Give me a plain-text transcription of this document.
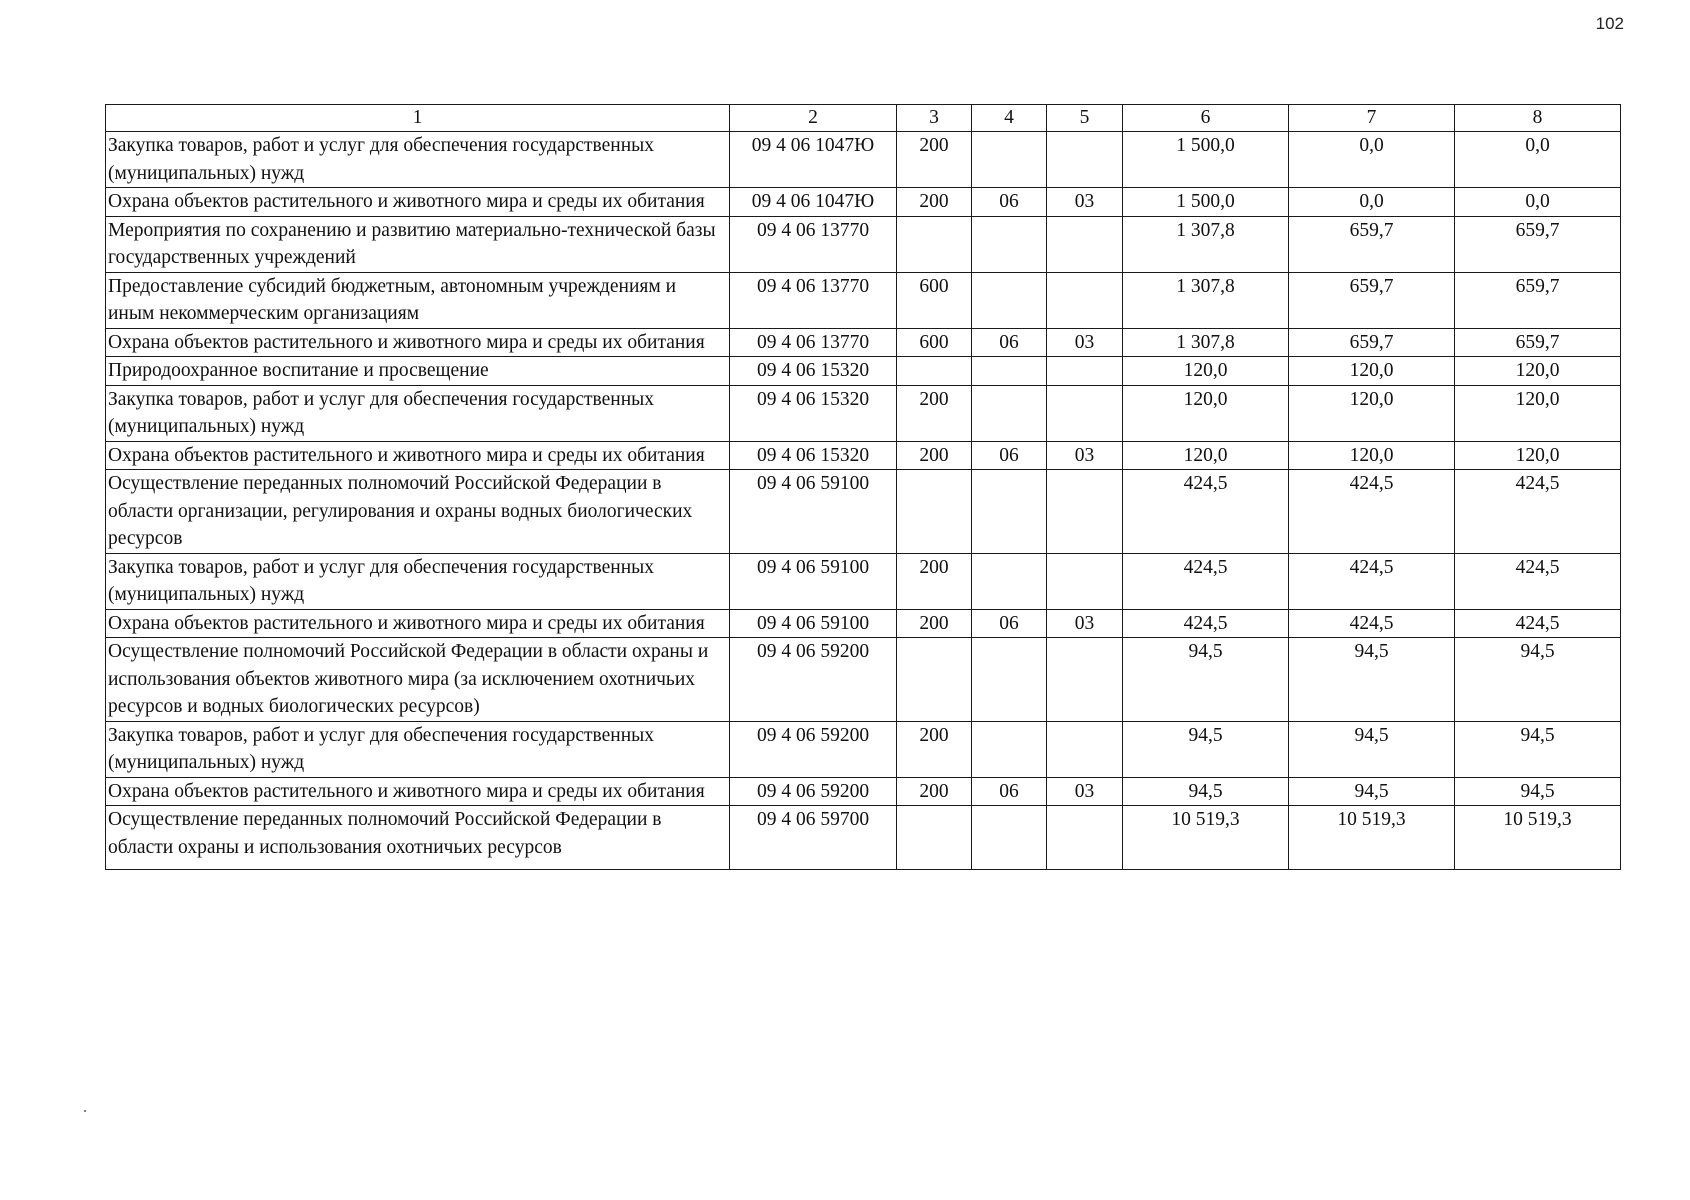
102
1	2	3	4	5	6	7	8
Закупка товаров, работ и услуг для обеспечения государственных (муниципальных) нужд	09 4 06 1047Ю	200			1 500,0	0,0	0,0
Охрана объектов растительного и животного мира и среды их обитания	09 4 06 1047Ю	200	06	03	1 500,0	0,0	0,0
Мероприятия по сохранению и развитию материально-технической базы государственных учреждений	09 4 06 13770				1 307,8	659,7	659,7
Предоставление субсидий бюджетным, автономным учреждениям и иным некоммерческим организациям	09 4 06 13770	600			1 307,8	659,7	659,7
Охрана объектов растительного и животного мира и среды их обитания	09 4 06 13770	600	06	03	1 307,8	659,7	659,7
Природоохранное воспитание и просвещение	09 4 06 15320				120,0	120,0	120,0
Закупка товаров, работ и услуг для обеспечения государственных (муниципальных) нужд	09 4 06 15320	200			120,0	120,0	120,0
Охрана объектов растительного и животного мира и среды их обитания	09 4 06 15320	200	06	03	120,0	120,0	120,0
Осуществление переданных полномочий Российской Федерации в области организации, регулирования и охраны водных биологических ресурсов	09 4 06 59100				424,5	424,5	424,5
Закупка товаров, работ и услуг для обеспечения государственных (муниципальных) нужд	09 4 06 59100	200			424,5	424,5	424,5
Охрана объектов растительного и животного мира и среды их обитания	09 4 06 59100	200	06	03	424,5	424,5	424,5
Осуществление полномочий Российской Федерации в области охраны и использования объектов животного мира (за исключением охотничьих ресурсов и водных биологических ресурсов)	09 4 06 59200				94,5	94,5	94,5
Закупка товаров, работ и услуг для обеспечения государственных (муниципальных) нужд	09 4 06 59200	200			94,5	94,5	94,5
Охрана объектов растительного и животного мира и среды их обитания	09 4 06 59200	200	06	03	94,5	94,5	94,5
Осуществление переданных полномочий Российской Федерации в области охраны и использования охотничьих ресурсов	09 4 06 59700				10 519,3	10 519,3	10 519,3
